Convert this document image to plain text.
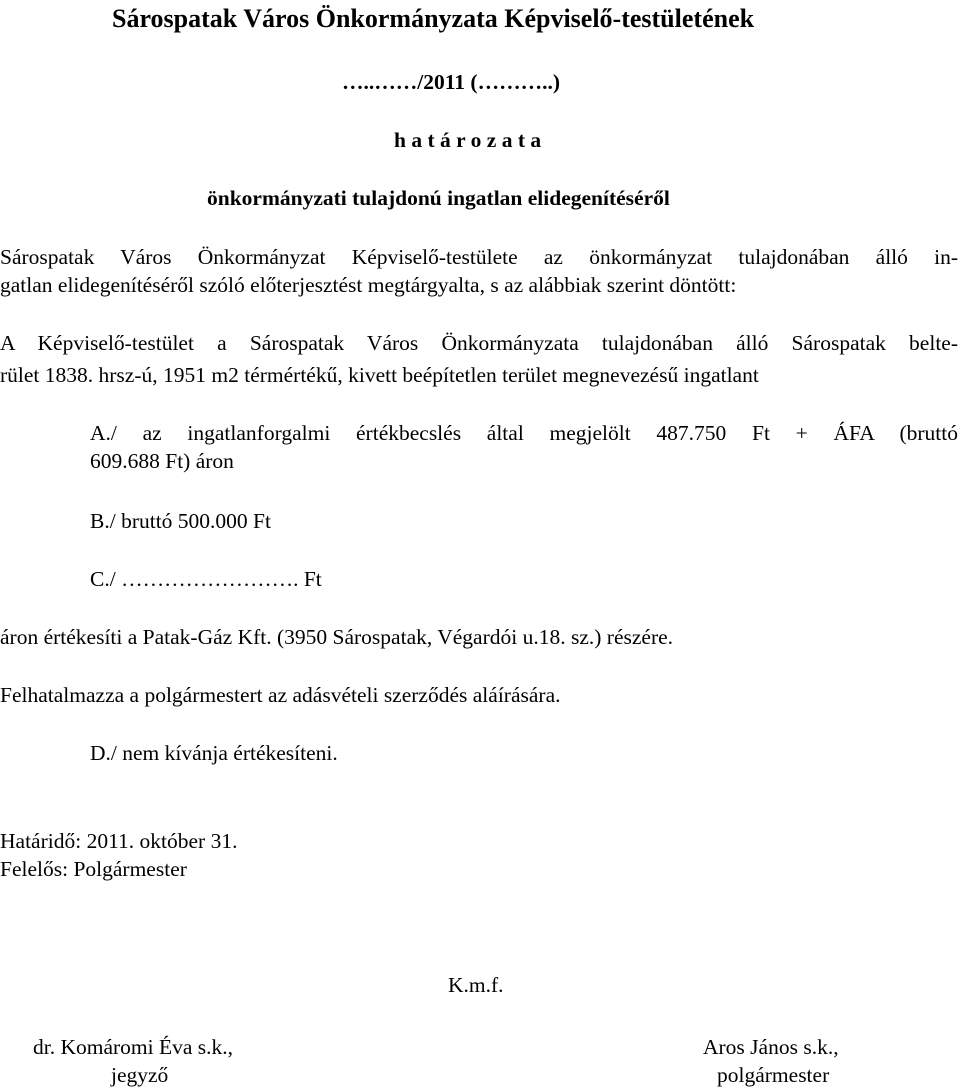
Sárospatak Város Önkormányzata Képviselő-testületének

…..……/2011 (………..)

h a t á r o z a t a

önkormányzati tulajdonú ingatlan elidegenítéséről

Sárospatak Város Önkormányzat Képviselő-testülete az önkormányzat tulajdonában álló in-

gatlan elidegenítéséről szóló előterjesztést megtárgyalta, s az alábbiak szerint döntött:

A Képviselő-testület a Sárospatak Város Önkormányzata tulajdonában álló Sárospatak belte-

rület 1838. hrsz-ú, 1951 m2 térmértékű, kivett beépítetlen terület megnevezésű ingatlant

A./ az ingatlanforgalmi értékbecslés által megjelölt 487.750 Ft + ÁFA (bruttó

609.688 Ft) áron

B./ bruttó 500.000 Ft

C./ ……………………. Ft

áron értékesíti a Patak-Gáz Kft. (3950 Sárospatak, Végardói u.18. sz.) részére.

Felhatalmazza a polgármestert az adásvételi szerződés aláírására.

D./ nem kívánja értékesíteni.

Határidő: 2011. október 31.

Felelős: Polgármester

K.m.f.

dr. Komáromi Éva s.k.,

jegyző

Aros János s.k.,

polgármester
